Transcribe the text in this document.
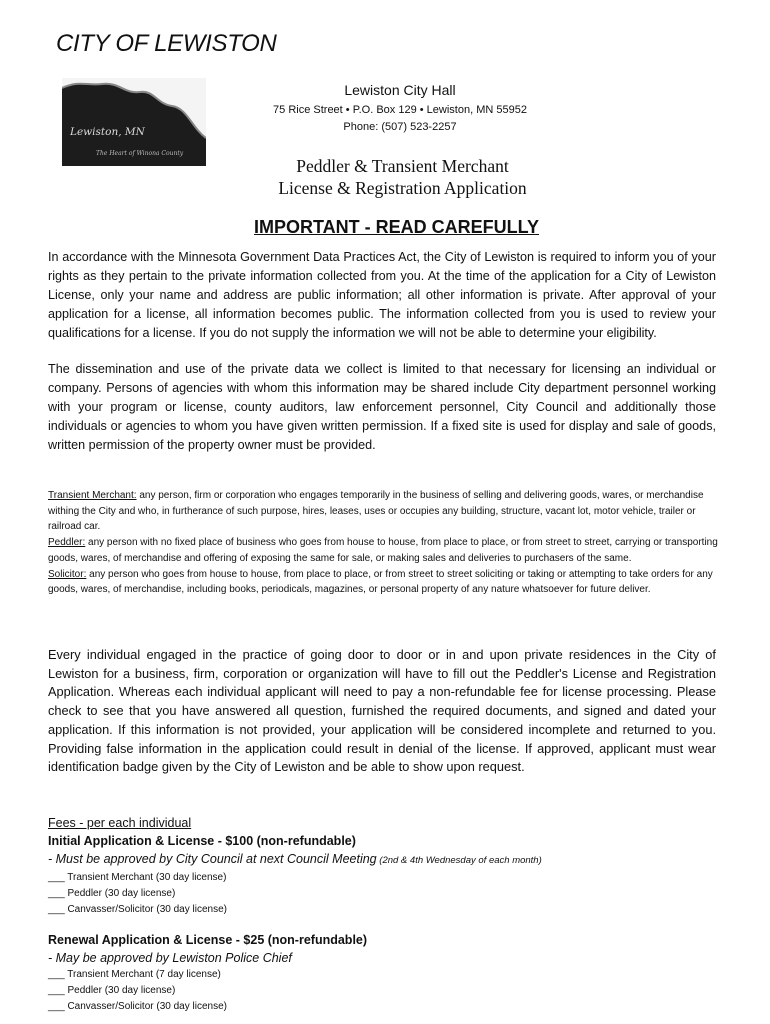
CITY OF LEWISTON
Lewiston, MN
The Heart of Winona County
Lewiston City Hall
75 Rice Street • P.O. Box 129 • Lewiston, MN 55952
Phone: (507) 523-2257
Peddler & Transient Merchant
License & Registration Application
IMPORTANT - READ CAREFULLY
In accordance with the Minnesota Government Data Practices Act, the City of Lewiston is required to inform you of your rights as they pertain to the private information collected from you. At the time of the application for a City of Lewiston License, only your name and address are public information; all other information is private. After approval of your application for a license, all information becomes public. The information collected from you is used to review your qualifications for a license. If you do not supply the information we will not be able to determine your eligibility.
The dissemination and use of the private data we collect is limited to that necessary for licensing an individual or company. Persons of agencies with whom this information may be shared include City department personnel working with your program or license, county auditors, law enforcement personnel, City Council and additionally those individuals or agencies to whom you have given written permission. If a fixed site is used for display and sale of goods, written permission of the property owner must be provided.
Transient Merchant: any person, firm or corporation who engages temporarily in the business of selling and delivering goods, wares, or merchandise withing the City and who, in furtherance of such purpose, hires, leases, uses or occupies any building, structure, vacant lot, motor vehicle, trailer or railroad car.
Peddler: any person with no fixed place of business who goes from house to house, from place to place, or from street to street, carrying or transporting goods, wares, of merchandise and offering of exposing the same for sale, or making sales and deliveries to purchasers of the same.
Solicitor: any person who goes from house to house, from place to place, or from street to street soliciting or taking or attempting to take orders for any goods, wares, of merchandise, including books, periodicals, magazines, or personal property of any nature whatsoever for future deliver.
Every individual engaged in the practice of going door to door or in and upon private residences in the City of Lewiston for a business, firm, corporation or organization will have to fill out the Peddler's License and Registration Application. Whereas each individual applicant will need to pay a non-refundable fee for license processing. Please check to see that you have answered all question, furnished the required documents, and signed and dated your application. If this information is not provided, your application will be considered incomplete and returned to you. Providing false information in the application could result in denial of the license. If approved, applicant must wear identification badge given by the City of Lewiston and be able to show upon request.
Fees - per each individual
Initial Application & License - $100 (non-refundable)
- Must be approved by City Council at next Council Meeting (2nd & 4th Wednesday of each month)
___ Transient Merchant (30 day license)
___ Peddler (30 day license)
___ Canvasser/Solicitor (30 day license)
Renewal Application & License - $25 (non-refundable)
- May be approved by Lewiston Police Chief
___ Transient Merchant (7 day license)
___ Peddler (30 day license)
___ Canvasser/Solicitor (30 day license)
